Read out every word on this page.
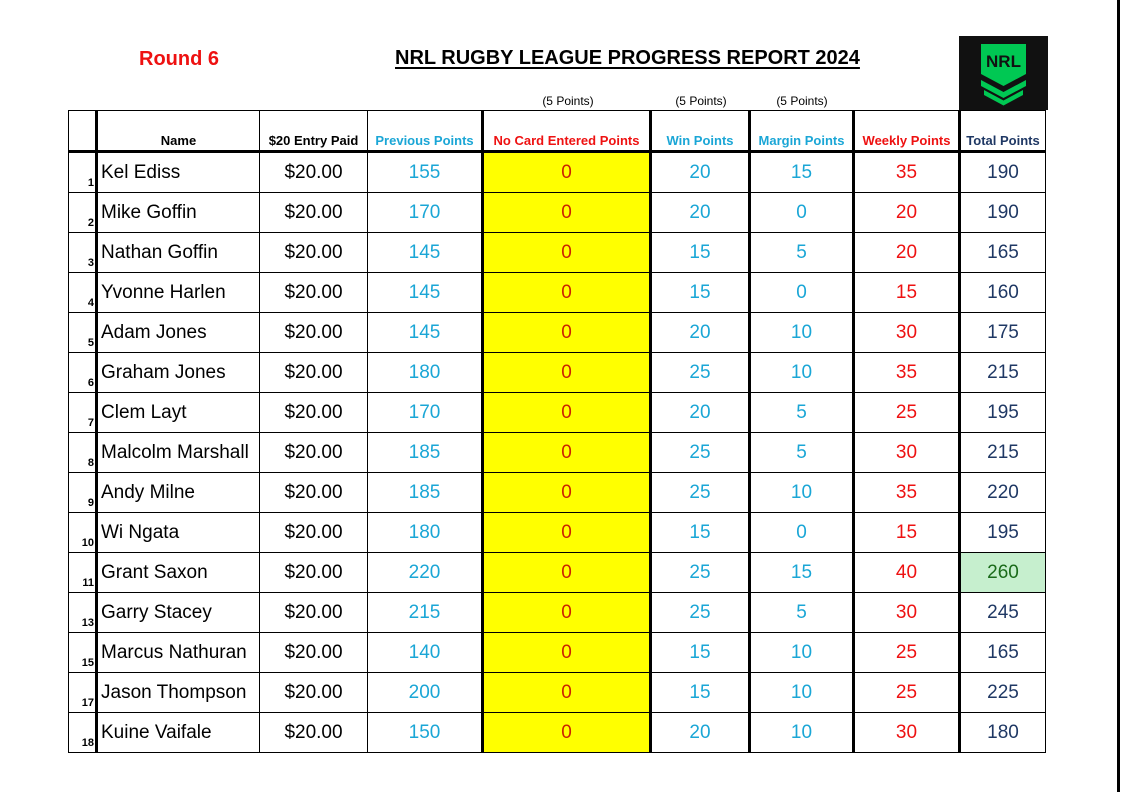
Round 6	NRL RUGBY LEAGUE PROGRESS REPORT 2024	NRL
(5 Points)	(5 Points)	(5 Points)
	Name	$20 Entry Paid	Previous Points	No Card Entered Points	Win Points	Margin Points	Weekly Points	Total Points
1	Kel Ediss	$20.00	155	0	20	15	35	190
2	Mike Goffin	$20.00	170	0	20	0	20	190
3	Nathan Goffin	$20.00	145	0	15	5	20	165
4	Yvonne Harlen	$20.00	145	0	15	0	15	160
5	Adam Jones	$20.00	145	0	20	10	30	175
6	Graham Jones	$20.00	180	0	25	10	35	215
7	Clem Layt	$20.00	170	0	20	5	25	195
8	Malcolm Marshall	$20.00	185	0	25	5	30	215
9	Andy Milne	$20.00	185	0	25	10	35	220
10	Wi Ngata	$20.00	180	0	15	0	15	195
11	Grant Saxon	$20.00	220	0	25	15	40	260
13	Garry Stacey	$20.00	215	0	25	5	30	245
15	Marcus Nathuran	$20.00	140	0	15	10	25	165
17	Jason Thompson	$20.00	200	0	15	10	25	225
18	Kuine Vaifale	$20.00	150	0	20	10	30	180
